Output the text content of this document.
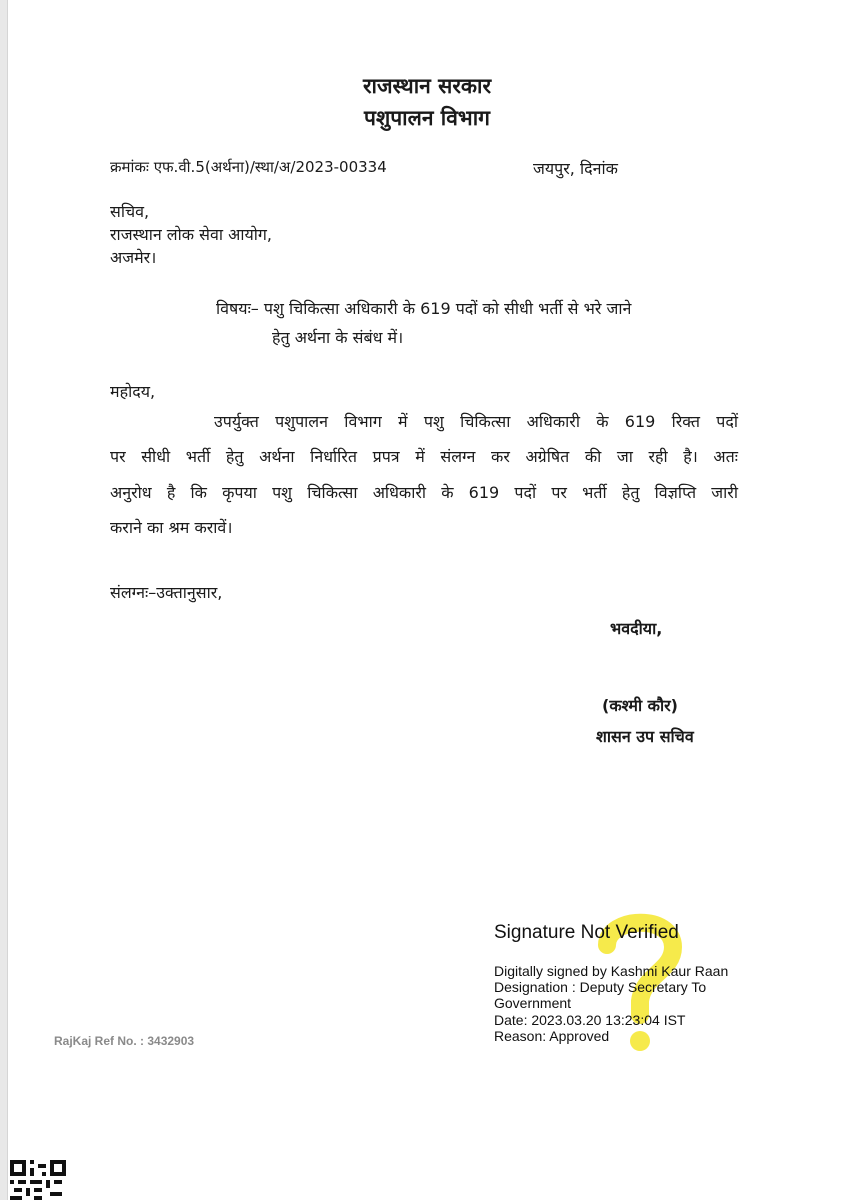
राजस्थान सरकार
पशुपालन विभाग
क्रमांकः एफ.वी.5(अर्थना)/स्था/अ/2023-00334	जयपुर, दिनांक
सचिव,
राजस्थान लोक सेवा आयोग,
अजमेर।
विषयः– पशु चिकित्सा अधिकारी के 619 पदों को सीधी भर्ती से भरे जाने
हेतु अर्थना के संबंध में।
महोदय,
उपर्युक्त पशुपालन विभाग में पशु चिकित्सा अधिकारी के 619 रिक्त पदों
पर सीधी भर्ती हेतु अर्थना निर्धारित प्रपत्र में संलग्न कर अग्रेषित की जा रही है। अतः
अनुरोध है कि कृपया पशु चिकित्सा अधिकारी के 619 पदों पर भर्ती हेतु विज्ञप्ति जारी
कराने का श्रम करावें।
संलग्नः–उक्तानुसार,
भवदीया,
(कश्मी कौर)
शासन उप सचिव
Signature Not Verified
Digitally signed by Kashmi Kaur Raan
Designation : Deputy Secretary To
Government
Date: 2023.03.20 13:23:04 IST
Reason: Approved
RajKaj Ref No. : 3432903
